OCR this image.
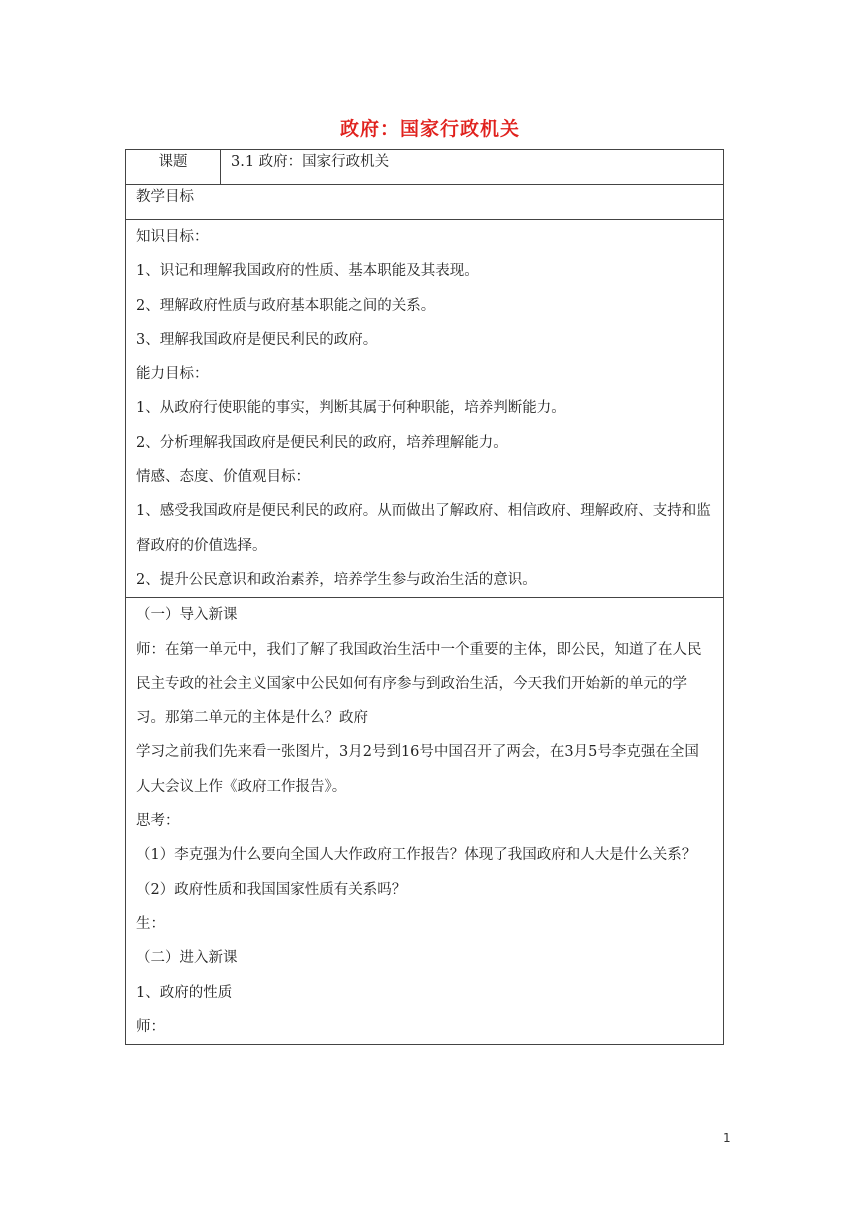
政府：国家行政机关
课题	3.1 政府：国家行政机关
教学目标

知识目标：

1、识记和理解我国政府的性质、基本职能及其表现。

2、理解政府性质与政府基本职能之间的关系。

3、理解我国政府是便民利民的政府。

能力目标：

1、从政府行使职能的事实，判断其属于何种职能，培养判断能力。

2、分析理解我国政府是便民利民的政府，培养理解能力。

情感、态度、价值观目标：

1、感受我国政府是便民利民的政府。从而做出了解政府、相信政府、理解政府、支持和监督政府的价值选择。

2、提升公民意识和政治素养，培养学生参与政治生活的意识。

（一）导入新课

师：在第一单元中，我们了解了我国政治生活中一个重要的主体，即公民，知道了在人民民主专政的社会主义国家中公民如何有序参与到政治生活，今天我们开始新的单元的学习。那第二单元的主体是什么？政府

学习之前我们先来看一张图片，3月2号到16号中国召开了两会，在3月5号李克强在全国人大会议上作《政府工作报告》。

思考：

（1）李克强为什么要向全国人大作政府工作报告？体现了我国政府和人大是什么关系？

（2）政府性质和我国国家性质有关系吗？

生：

（二）进入新课

1、政府的性质

师：

1
